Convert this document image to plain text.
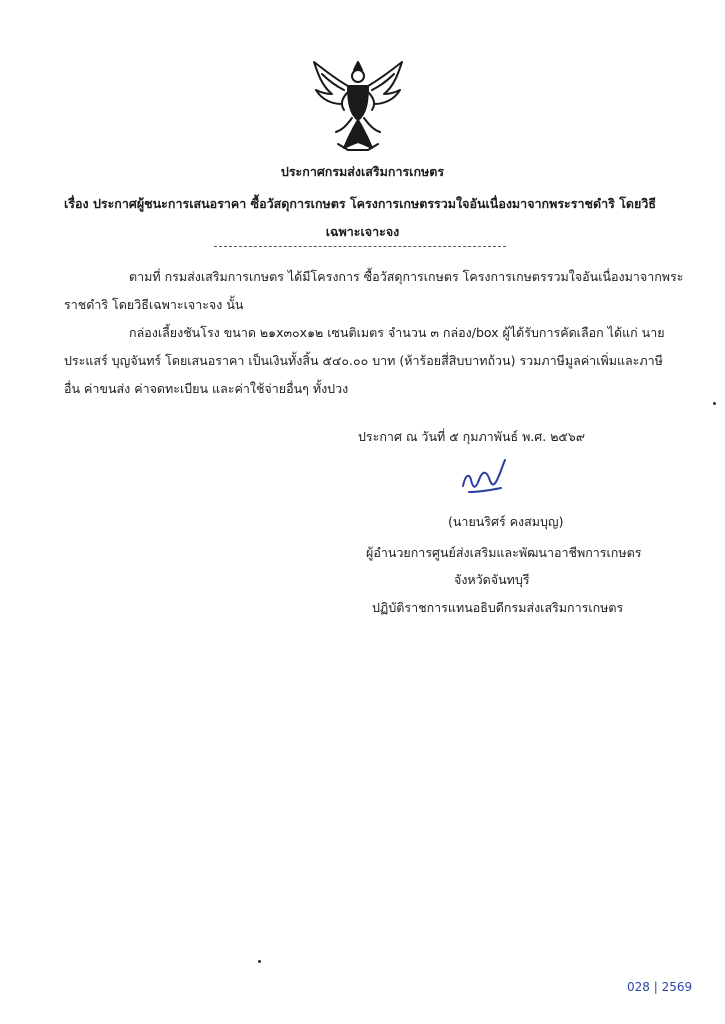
ประกาศกรมส่งเสริมการเกษตร
เรื่อง ประกาศผู้ชนะการเสนอราคา ซื้อวัสดุการเกษตร โครงการเกษตรรวมใจอันเนื่องมาจากพระราชดำริ โดยวิธี
เฉพาะเจาะจง
ตามที่ กรมส่งเสริมการเกษตร ได้มีโครงการ ซื้อวัสดุการเกษตร โครงการเกษตรรวมใจอันเนื่องมาจากพระ
ราชดำริ โดยวิธีเฉพาะเจาะจง นั้น
กล่องเลี้ยงชันโรง ขนาด ๒๑x๓๐x๑๒ เซนติเมตร จำนวน ๓ กล่อง/box ผู้ได้รับการคัดเลือก ได้แก่ นาย
ประแสร์ บุญจันทร์ โดยเสนอราคา เป็นเงินทั้งสิ้น ๕๔๐.๐๐ บาท (ห้าร้อยสี่สิบบาทถ้วน) รวมภาษีมูลค่าเพิ่มและภาษี
อื่น ค่าขนส่ง ค่าจดทะเบียน และค่าใช้จ่ายอื่นๆ ทั้งปวง
ประกาศ ณ วันที่ ๕ กุมภาพันธ์ พ.ศ. ๒๕๖๙
(นายนริศร์ คงสมบุญ)
ผู้อำนวยการศูนย์ส่งเสริมและพัฒนาอาชีพการเกษตร
จังหวัดจันทบุรี
ปฏิบัติราชการแทนอธิบดีกรมส่งเสริมการเกษตร
028 | 2569
